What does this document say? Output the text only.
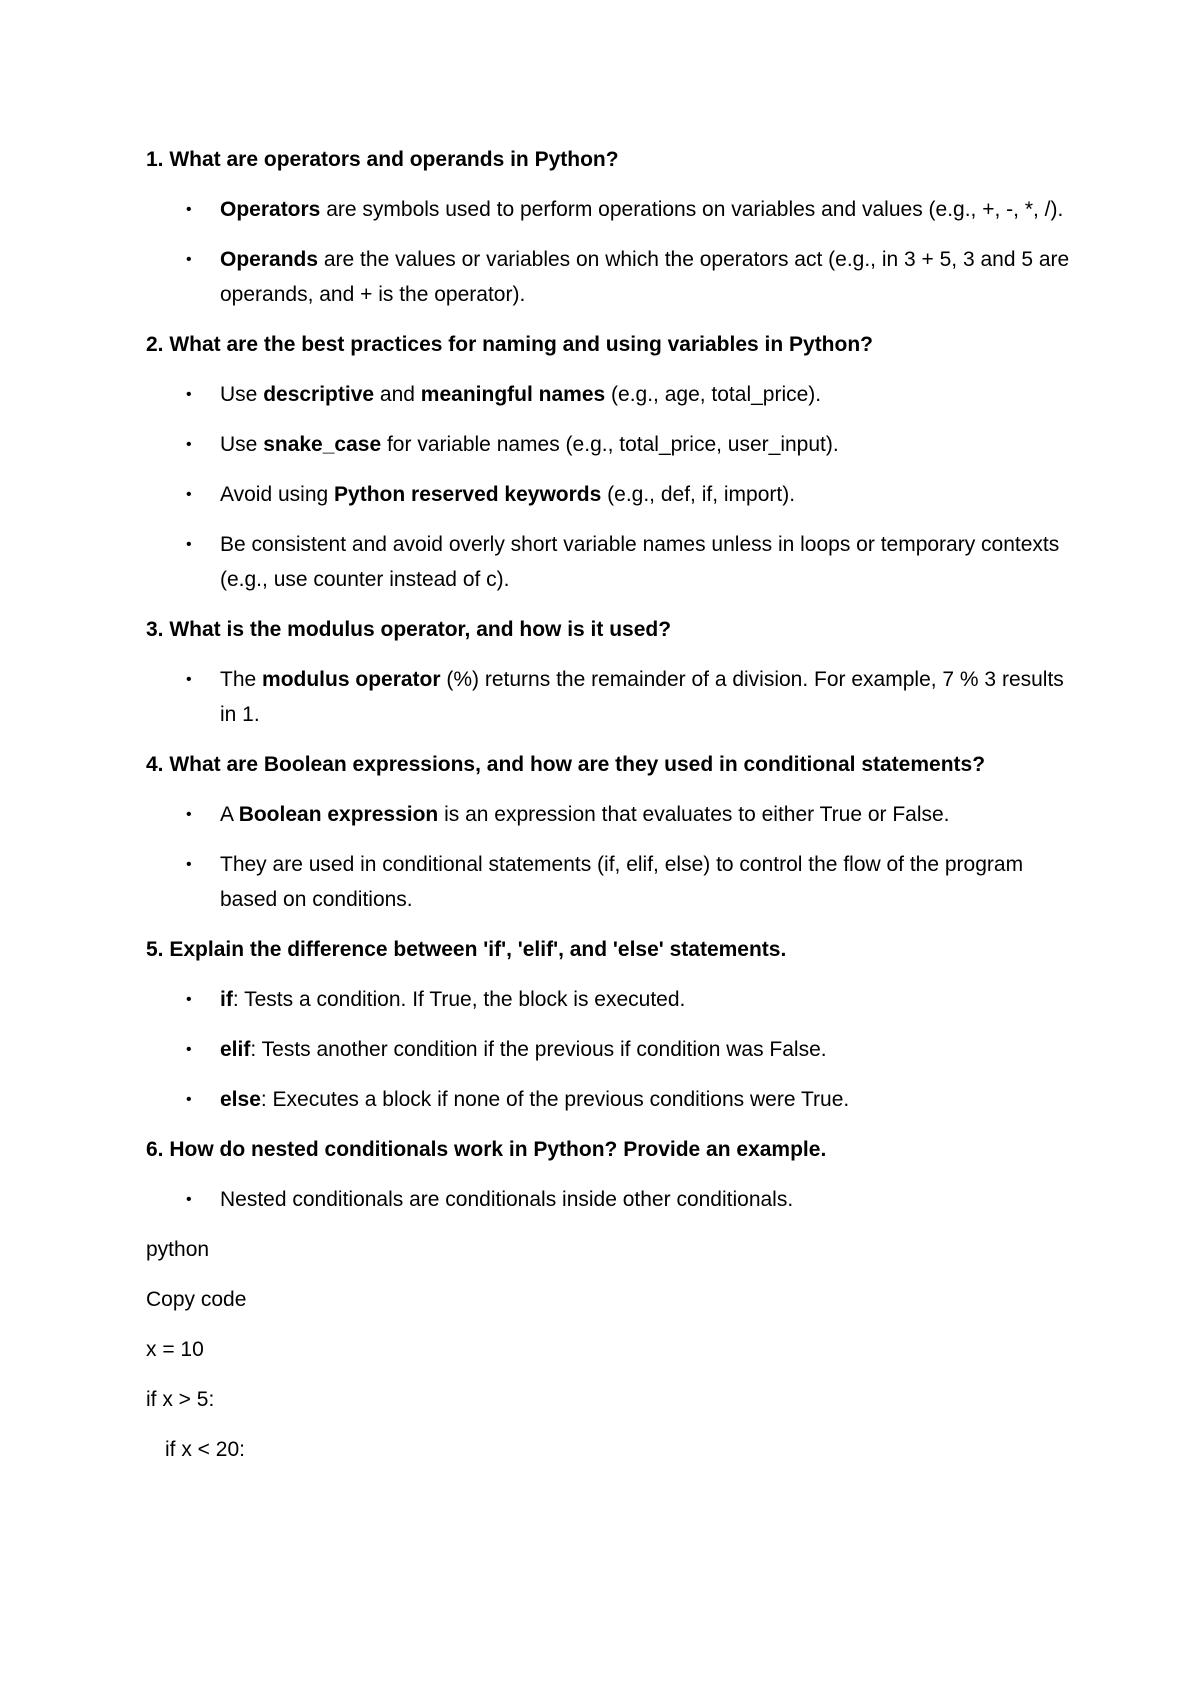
1. What are operators and operands in Python?
• Operators are symbols used to perform operations on variables and values (e.g., +, -, *, /).
• Operands are the values or variables on which the operators act (e.g., in 3 + 5, 3 and 5 are operands, and + is the operator).
2. What are the best practices for naming and using variables in Python?
• Use descriptive and meaningful names (e.g., age, total_price).
• Use snake_case for variable names (e.g., total_price, user_input).
• Avoid using Python reserved keywords (e.g., def, if, import).
• Be consistent and avoid overly short variable names unless in loops or temporary contexts (e.g., use counter instead of c).
3. What is the modulus operator, and how is it used?
• The modulus operator (%) returns the remainder of a division. For example, 7 % 3 results in 1.
4. What are Boolean expressions, and how are they used in conditional statements?
• A Boolean expression is an expression that evaluates to either True or False.
• They are used in conditional statements (if, elif, else) to control the flow of the program based on conditions.
5. Explain the difference between 'if', 'elif', and 'else' statements.
• if: Tests a condition. If True, the block is executed.
• elif: Tests another condition if the previous if condition was False.
• else: Executes a block if none of the previous conditions were True.
6. How do nested conditionals work in Python? Provide an example.
• Nested conditionals are conditionals inside other conditionals.
python
Copy code
x = 10
if x > 5:
if x < 20:
